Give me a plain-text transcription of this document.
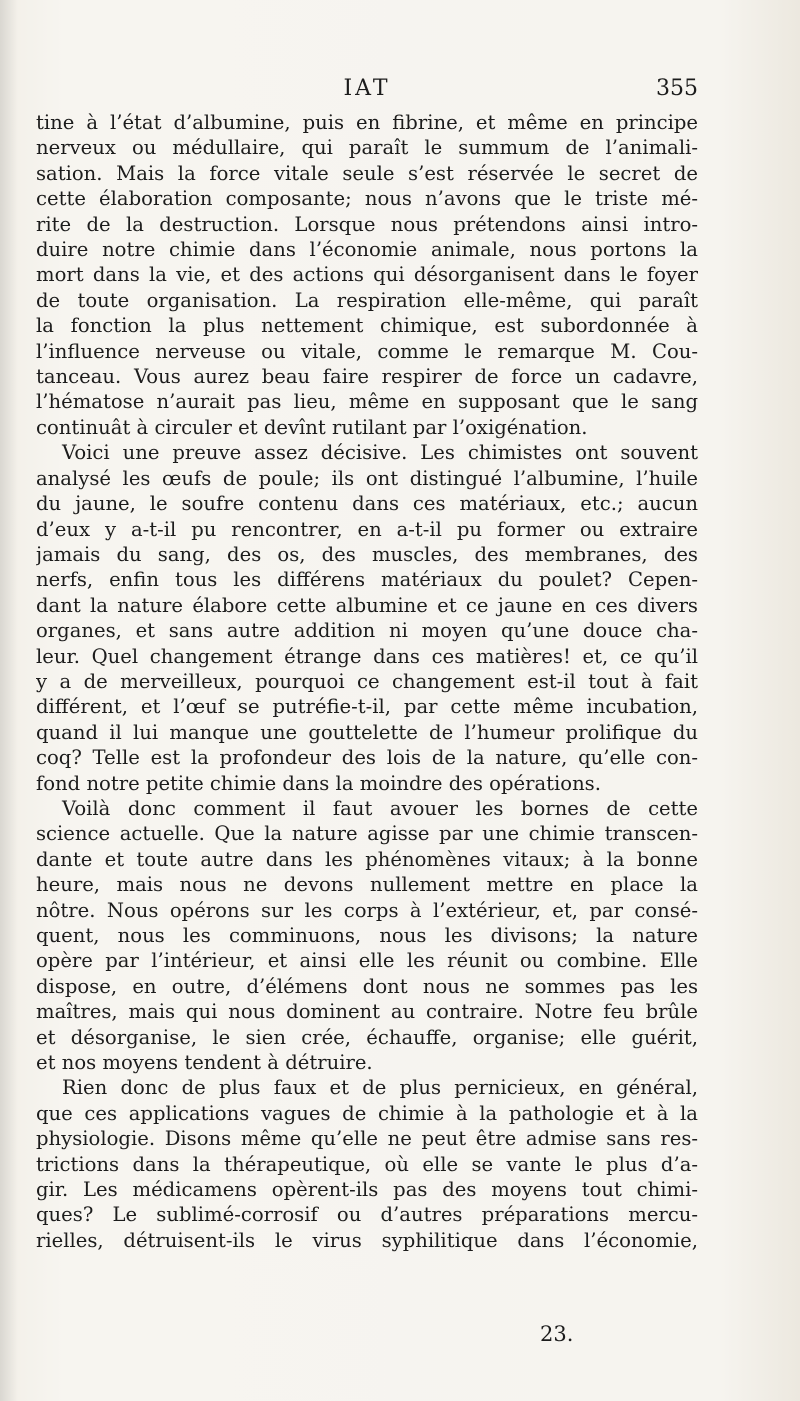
IAT	355
tine à l’état d’albumine, puis en fibrine, et même en principe
nerveux ou médullaire, qui paraît le summum de l’animali-
sation. Mais la force vitale seule s’est réservée le secret de
cette élaboration composante; nous n’avons que le triste mé-
rite de la destruction. Lorsque nous prétendons ainsi intro-
duire notre chimie dans l’économie animale, nous portons la
mort dans la vie, et des actions qui désorganisent dans le foyer
de toute organisation. La respiration elle-même, qui paraît
la fonction la plus nettement chimique, est subordonnée à
l’influence nerveuse ou vitale, comme le remarque M. Cou-
tanceau. Vous aurez beau faire respirer de force un cadavre,
l’hématose n’aurait pas lieu, même en supposant que le sang
continuât à circuler et devînt rutilant par l’oxigénation.
Voici une preuve assez décisive. Les chimistes ont souvent
analysé les œufs de poule; ils ont distingué l’albumine, l’huile
du jaune, le soufre contenu dans ces matériaux, etc.; aucun
d’eux y a-t-il pu rencontrer, en a-t-il pu former ou extraire
jamais du sang, des os, des muscles, des membranes, des
nerfs, enfin tous les différens matériaux du poulet? Cepen-
dant la nature élabore cette albumine et ce jaune en ces divers
organes, et sans autre addition ni moyen qu’une douce cha-
leur. Quel changement étrange dans ces matières! et, ce qu’il
y a de merveilleux, pourquoi ce changement est-il tout à fait
différent, et l’œuf se putréfie-t-il, par cette même incubation,
quand il lui manque une gouttelette de l’humeur prolifique du
coq? Telle est la profondeur des lois de la nature, qu’elle con-
fond notre petite chimie dans la moindre des opérations.
Voilà donc comment il faut avouer les bornes de cette
science actuelle. Que la nature agisse par une chimie transcen-
dante et toute autre dans les phénomènes vitaux; à la bonne
heure, mais nous ne devons nullement mettre en place la
nôtre. Nous opérons sur les corps à l’extérieur, et, par consé-
quent, nous les comminuons, nous les divisons; la nature
opère par l’intérieur, et ainsi elle les réunit ou combine. Elle
dispose, en outre, d’élémens dont nous ne sommes pas les
maîtres, mais qui nous dominent au contraire. Notre feu brûle
et désorganise, le sien crée, échauffe, organise; elle guérit,
et nos moyens tendent à détruire.
Rien donc de plus faux et de plus pernicieux, en général,
que ces applications vagues de chimie à la pathologie et à la
physiologie. Disons même qu’elle ne peut être admise sans res-
trictions dans la thérapeutique, où elle se vante le plus d’a-
gir. Les médicamens opèrent-ils pas des moyens tout chimi-
ques? Le sublimé-corrosif ou d’autres préparations mercu-
rielles, détruisent-ils le virus syphilitique dans l’économie,
23.
